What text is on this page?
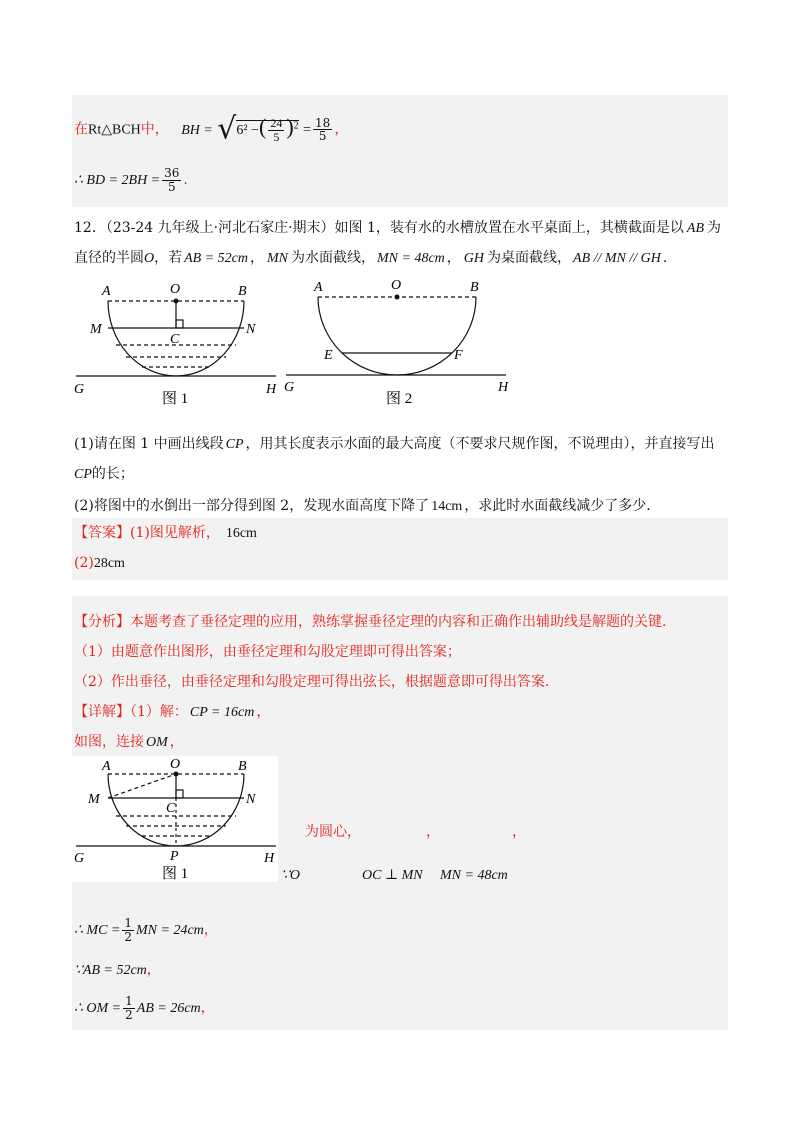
在Rt△BCH中， BH = √6² −( $\frac{24}{5} )^2 = \frac{18}{5}$ ，
∴ BD = $2BH = \frac{36}{5}$ .
12．（23-24 九年级上·河北石家庄·期末）如图 1，装有水的水槽放置在水平桌面上，其横截面是以 AB 为
直径的半圆O，若 AB = 52cm ， MN 为水面截线， MN = 48cm ， GH 为桌面截线， AB // MN // GH .
A	O	B
M	N
C
G	H
图 1
A	O	B
E	F
G	H
图 2
(1)请在图 1 中画出线段 CP ，用其长度表示水面的最大高度（不要求尺规作图，不说理由），并直接写出
CP的长；
(2)将图中的水倒出一部分得到图 2，发现水面高度下降了 14cm ，求此时水面截线减少了多少.
【答案】(1)图见解析， 16cm
(2)28cm
【分析】本题考查了垂径定理的应用，熟练掌握垂径定理的内容和正确作出辅助线是解题的关键.
（1）由题意作出图形，由垂径定理和勾股定理即可得出答案；
（2）作出垂径，由垂径定理和勾股定理可得出弦长，根据题意即可得出答案.
【详解】（1）解： CP = 16cm ，
如图，连接 OM ，
A	O	B
M	N
C
G	P	H
图 1
为圆心，	，	，
∵O	OC ⊥ MN MN = 48cm
∴ MC = $\frac{1}{2}$ MN = 24cm，
∵AB = 52cm，
∴ OM = $\frac{1}{2}$ AB = 26cm，
